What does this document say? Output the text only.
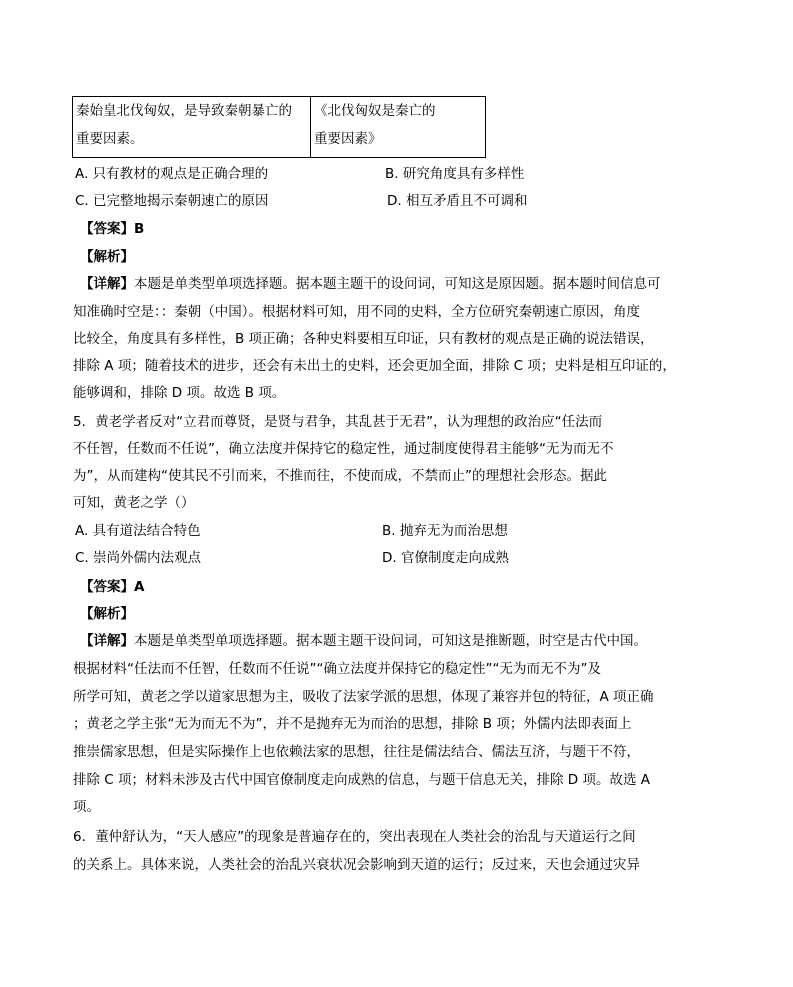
秦始皇北伐匈奴，是导致秦朝暴亡的
重要因素。

《北伐匈奴是秦亡的
重要因素》
A. 只有教材的观点是正确合理的	B. 研究角度具有多样性
C. 已完整地揭示秦朝速亡的原因	D. 相互矛盾且不可调和
【答案】B
【解析】
【详解】本题是单类型单项选择题。据本题主题干的设问词，可知这是原因题。据本题时间信息可
知准确时空是：：秦朝（中国）。根据材料可知，用不同的史料，全方位研究秦朝速亡原因，角度
比较全，角度具有多样性，B 项正确；各种史料要相互印证，只有教材的观点是正确的说法错误，
排除 A 项；随着技术的进步，还会有未出土的史料，还会更加全面，排除 C 项；史料是相互印证的，
能够调和，排除 D 项。故选 B 项。
5．黄老学者反对“立君而尊贤，是贤与君争，其乱甚于无君”，认为理想的政治应“任法而
不任智，任数而不任说”，确立法度并保持它的稳定性，通过制度使得君主能够“无为而无不
为”，从而建构“使其民不引而来，不推而往，不使而成，不禁而止”的理想社会形态。据此
可知，黄老之学（）
A. 具有道法结合特色	B. 抛弃无为而治思想
C. 崇尚外儒内法观点	D. 官僚制度走向成熟
【答案】A
【解析】
【详解】本题是单类型单项选择题。据本题主题干设问词，可知这是推断题，时空是古代中国。
根据材料“任法而不任智，任数而不任说”“确立法度并保持它的稳定性”“无为而无不为”及
所学可知，黄老之学以道家思想为主，吸收了法家学派的思想，体现了兼容并包的特征，A 项正确
；黄老之学主张“无为而无不为”，并不是抛弃无为而治的思想，排除 B 项；外儒内法即表面上
推崇儒家思想，但是实际操作上也依赖法家的思想，往往是儒法结合、儒法互济，与题干不符，
排除 C 项；材料未涉及古代中国官僚制度走向成熟的信息，与题干信息无关，排除 D 项。故选 A
项。
6．董仲舒认为，“天人感应”的现象是普遍存在的，突出表现在人类社会的治乱与天道运行之间
的关系上。具体来说，人类社会的治乱兴衰状况会影响到天道的运行；反过来，天也会通过灾异
